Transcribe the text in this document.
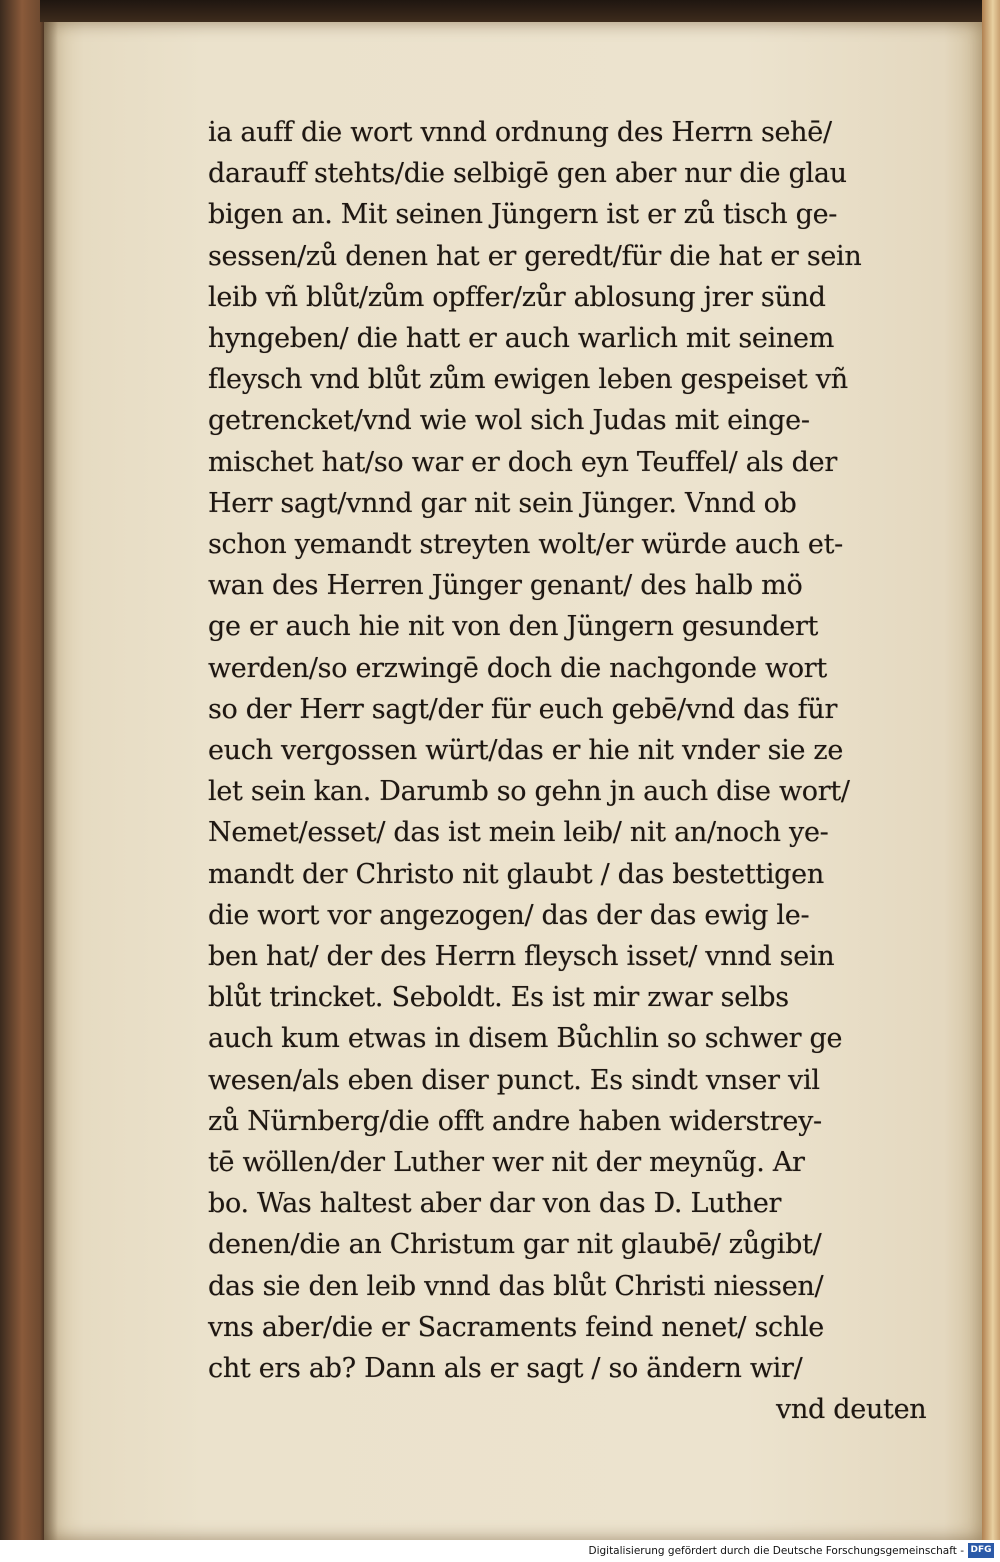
ia auff die wort vnnd ordnung des Herrn sehē/
darauff stehts/die selbigē gen aber nur die glau
bigen an. Mit seinen Jüngern ist er zů tisch ge-
sessen/zů denen hat er geredt/für die hat er sein
leib vñ blůt/zům opffer/zůr ablosung jrer sünd
hyngeben/ die hatt er auch warlich mit seinem
fleysch vnd blůt zům ewigen leben gespeiset vñ
getrencket/vnd wie wol sich Judas mit einge-
mischet hat/so war er doch eyn Teuffel/ als der
Herr sagt/vnnd gar nit sein Jünger. Vnnd ob
schon yemandt streyten wolt/er würde auch et-
wan des Herren Jünger genant/ des halb mö
ge er auch hie nit von den Jüngern gesundert
werden/so erzwingē doch die nachgonde wort
so der Herr sagt/der für euch gebē/vnd das für
euch vergossen würt/das er hie nit vnder sie ze
let sein kan. Darumb so gehn jn auch dise wort/
Nemet/esset/ das ist mein leib/ nit an/noch ye-
mandt der Christo nit glaubt / das bestettigen
die wort vor angezogen/ das der das ewig le-
ben hat/ der des Herrn fleysch isset/ vnnd sein
blůt trincket. Seboldt. Es ist mir zwar selbs
auch kum etwas in disem Bůchlin so schwer ge
wesen/als eben diser punct. Es sindt vnser vil
zů Nürnberg/die offt andre haben widerstrey-
tē wöllen/der Luther wer nit der meynũg. Ar
bo. Was haltest aber dar von das D. Luther
denen/die an Christum gar nit glaubē/ zůgibt/
das sie den leib vnnd das blůt Christi niessen/
vns aber/die er Sacraments feind nenet/ schle
cht ers ab? Dann als er sagt / so ändern wir/
vnd deuten
Digitalisierung gefördert durch die Deutsche Forschungsgemeinschaft - DFG
